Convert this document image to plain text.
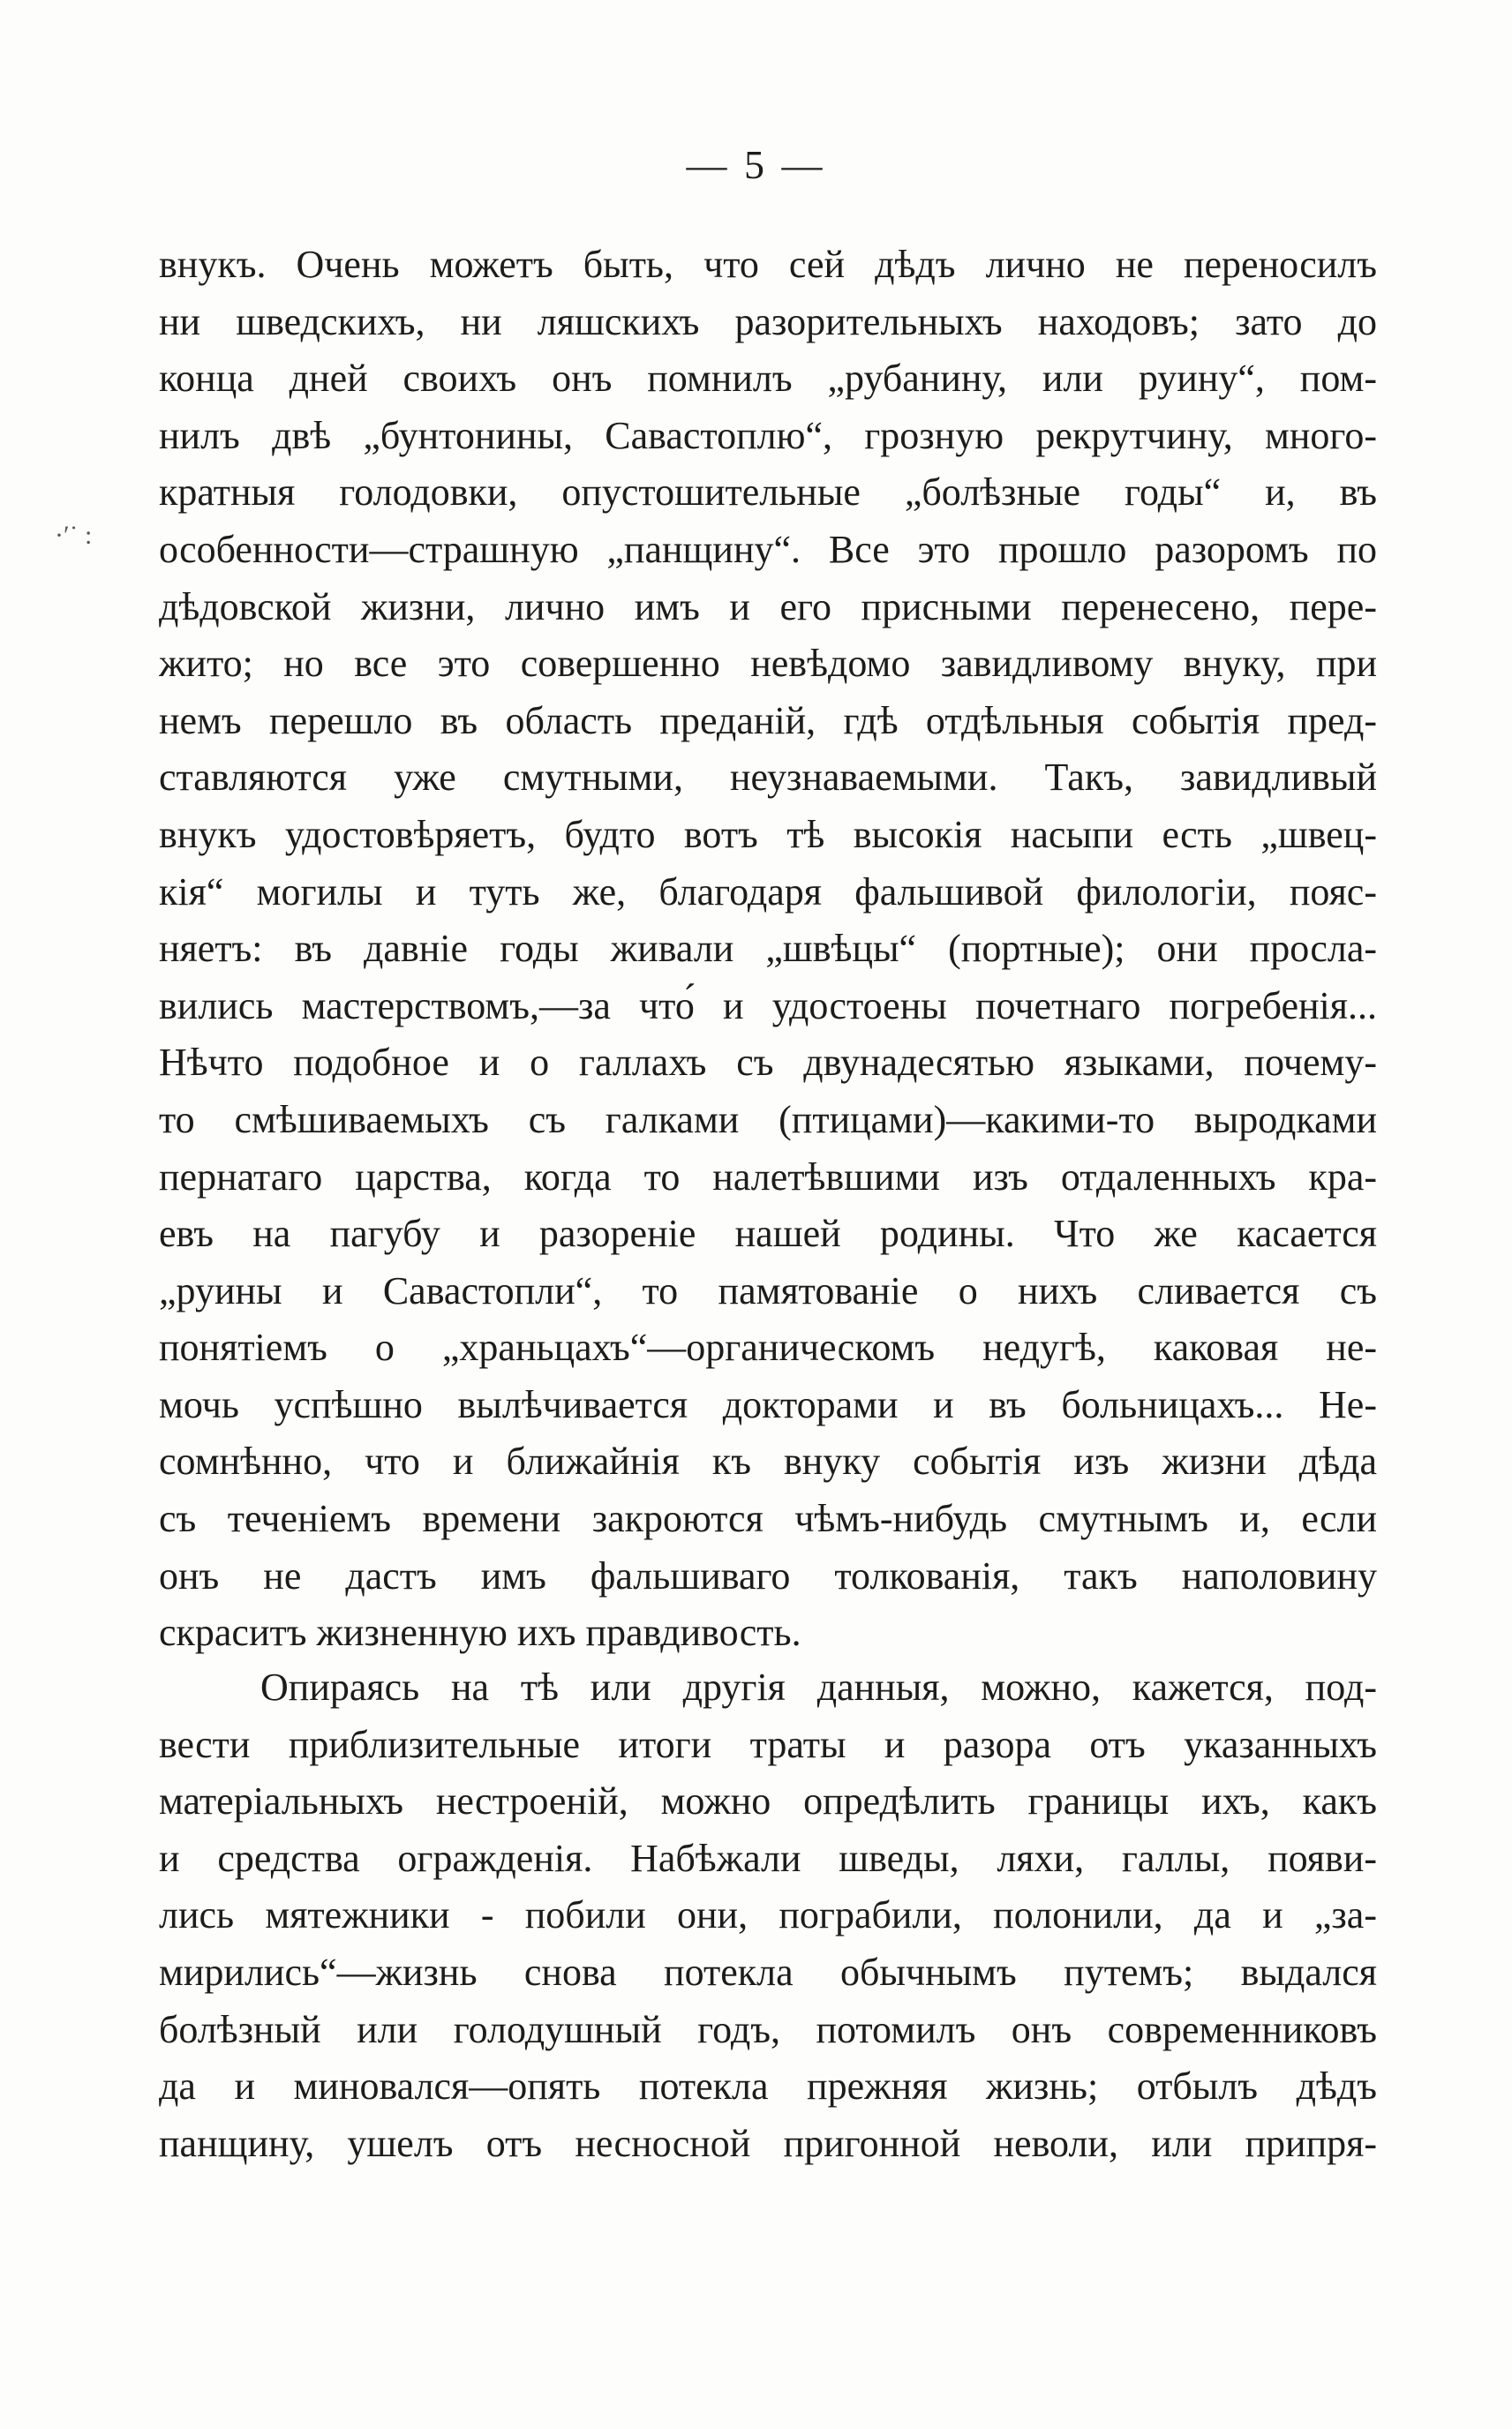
— 5 —
·ʹ˙ :
внукъ. Очень можетъ быть, что сей дѣдъ лично не переносилъ
ни шведскихъ, ни ляшскихъ разорительныхъ находовъ; зато до
конца дней своихъ онъ помнилъ „рубанину, или руину“, пом-
нилъ двѣ „бунтонины, Савастоплю“, грозную рекрутчину, много-
кратныя голодовки, опустошительные „болѣзные годы“ и, въ
особенности—страшную „панщину“. Все это прошло разоромъ по
дѣдовской жизни, лично имъ и его присными перенесено, пере-
жито; но все это совершенно невѣдомо завидливому внуку, при
немъ перешло въ область преданій, гдѣ отдѣльныя событія пред-
ставляются уже смутными, неузнаваемыми. Такъ, завидливый
внукъ удостовѣряетъ, будто вотъ тѣ высокія насыпи есть „швец-
кія“ могилы и туть же, благодаря фальшивой филологіи, пояс-
няетъ: въ давніе годы живали „швѣцы“ (портные); они просла-
вились мастерствомъ,—за что́ и удостоены почетнаго погребенія...
Нѣчто подобное и о галлахъ съ двунадесятью языками, почему-
то смѣшиваемыхъ съ галками (птицами)—какими-то выродками
пернатаго царства, когда то налетѣвшими изъ отдаленныхъ кра-
евъ на пагубу и разореніе нашей родины. Что же касается
„руины и Савастопли“, то памятованіе о нихъ сливается съ
понятіемъ о „храньцахъ“—органическомъ недугѣ, каковая не-
мочь успѣшно вылѣчивается докторами и въ больницахъ... Не-
сомнѣнно, что и ближайнія къ внуку событія изъ жизни дѣда
съ теченіемъ времени закроются чѣмъ-нибудь смутнымъ и, если
онъ не дастъ имъ фальшиваго толкованія, такъ наполовину
скраситъ жизненную ихъ правдивость.
Опираясь на тѣ или другія данныя, можно, кажется, под-
вести приблизительные итоги траты и разора отъ указанныхъ
матеріальныхъ нестроеній, можно опредѣлить границы ихъ, какъ
и средства огражденія. Набѣжали шведы, ляхи, галлы, появи-
лись мятежники - побили они, пограбили, полонили, да и „за-
мирились“—жизнь снова потекла обычнымъ путемъ; выдался
болѣзный или голодушный годъ, потомилъ онъ современниковъ
да и миновался—опять потекла прежняя жизнь; отбылъ дѣдъ
панщину, ушелъ отъ несносной пригонной неволи, или припря-
